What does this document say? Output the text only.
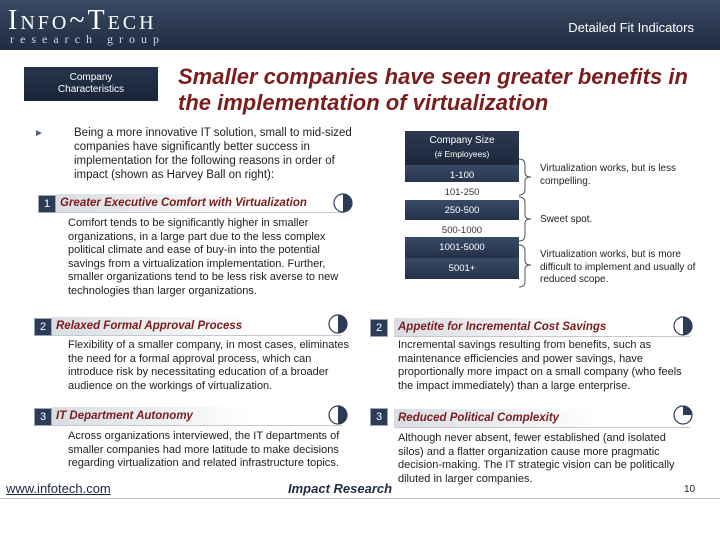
Info~Tech
research group
Detailed Fit Indicators
Company Characteristics
Smaller companies have seen greater benefits in the implementation of virtualization
►	Being a more innovative IT solution, small to mid-sized companies have significantly better success in implementation for the following reasons in order of impact (shown as Harvey Ball on right):
1 Greater Executive Comfort with Virtualization
Comfort tends to be significantly higher in smaller organizations, in a large part due to the less complex political climate and ease of buy-in into the potential savings from a virtualization implementation. Further, smaller organizations tend to be less risk averse to new technologies than larger organizations.
2 Relaxed Formal Approval Process
Flexibility of a smaller company, in most cases, eliminates the need for a formal approval process, which can introduce risk by necessitating education of a broader audience on the workings of virtualization.
3 IT Department Autonomy
Across organizations interviewed, the IT departments of smaller companies had more latitude to make decisions regarding virtualization and related infrastructure topics.
Company Size
(# Employees)
1-100
101-250
250-500
500-1000
1001-5000
5001+
Virtualization works, but is less compelling.
Sweet spot.
Virtualization works, but is more difficult to implement and usually of reduced scope.
2	Appetite for Incremental Cost Savings
Incremental savings resulting from benefits, such as maintenance efficiencies and power savings, have proportionally more impact on a small company (who feels the impact immediately) than a large enterprise.
3	Reduced Political Complexity
Although never absent, fewer established (and isolated silos) and a flatter organization cause more pragmatic decision-making. The IT strategic vision can be politically diluted in larger companies.
www.infotech.com	Impact Research	10
